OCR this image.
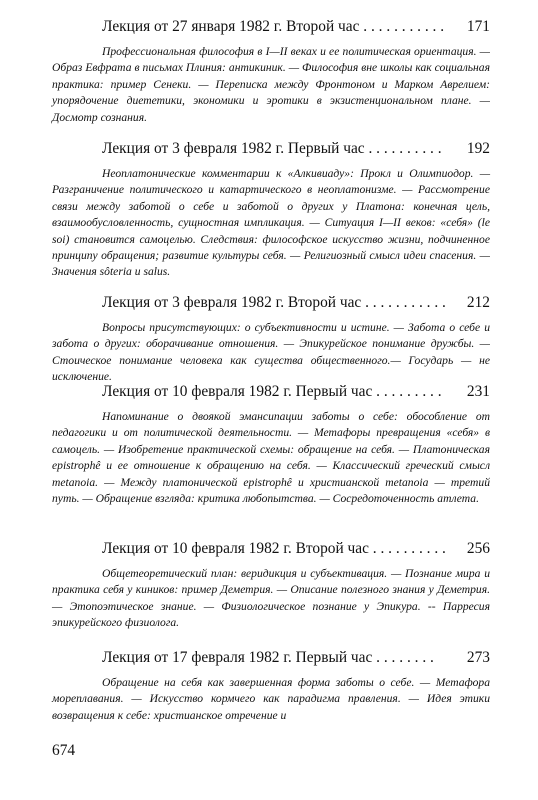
Лекция от 27 января 1982 г. Второй час . . . . . . . . . . . 171

Профессиональная философия в I—II веках и ее политическая ориентация. — Образ Евфрата в письмах Плиния: антикиник. — Философия вне школы как социальная практика: пример Сенеки. — Переписка между Фронтоном и Марком Аврелием: упорядочение диететики, экономики и эротики в экзистенциональном плане. — Досмотр сознания.

Лекция от 3 февраля 1982 г. Первый час . . . . . . . . . . 192

Неоплатонические комментарии к «Алкивиаду»: Прокл и Олимпиодор. — Разграничение политического и катартического в неоплатонизме. — Рассмотрение связи между заботой о себе и заботой о других у Платона: конечная цель, взаимообусловленность, сущностная импликация. — Ситуация I—II веков: «себя» (le soi) становится самоцелью. Следствия: философское искусство жизни, подчиненное принципу обращения; развитие культуры себя. — Религиозный смысл идеи спасения. — Значения sôteria и salus.

Лекция от 3 февраля 1982 г. Второй час . . . . . . . . . . . 212

Вопросы присутствующих: о субъективности и истине. — Забота о себе и забота о других: оборачивание отношения. — Эпикурейское понимание дружбы. — Стоическое понимание человека как существа общественного.— Государь — не исключение.

Лекция от 10 февраля 1982 г. Первый час . . . . . . . . . 231

Напоминание о двоякой эмансипации заботы о себе: обособление от педагогики и от политической деятельности. — Метафоры превращения «себя» в самоцель. — Изобретение практической схемы: обращение на себя. — Платоническая epistrophê и ее отношение к обращению на себя. — Классический греческий смысл metanoia. — Между платонической epistrophê и христианской metanoia — третий путь. — Обращение взгляда: критика любопытства. — Сосредоточенность атлета.

Лекция от 10 февраля 1982 г. Второй час . . . . . . . . . . 256

Общетеоретический план: веридикция и субъективация. — Познание мира и практика себя у киников: пример Деметрия. — Описание полезного знания у Деметрия. — Этопоэтическое знание. — Физиологическое познание у Эпикура. -- Парресия эпикурейского физиолога.

Лекция от 17 февраля 1982 г. Первый час . . . . . . . . 273

Обращение на себя как завершенная форма заботы о себе. — Метафора мореплавания. — Искусство кормчего как парадигма правления. — Идея этики возвращения к себе: христианское отречение и

674
